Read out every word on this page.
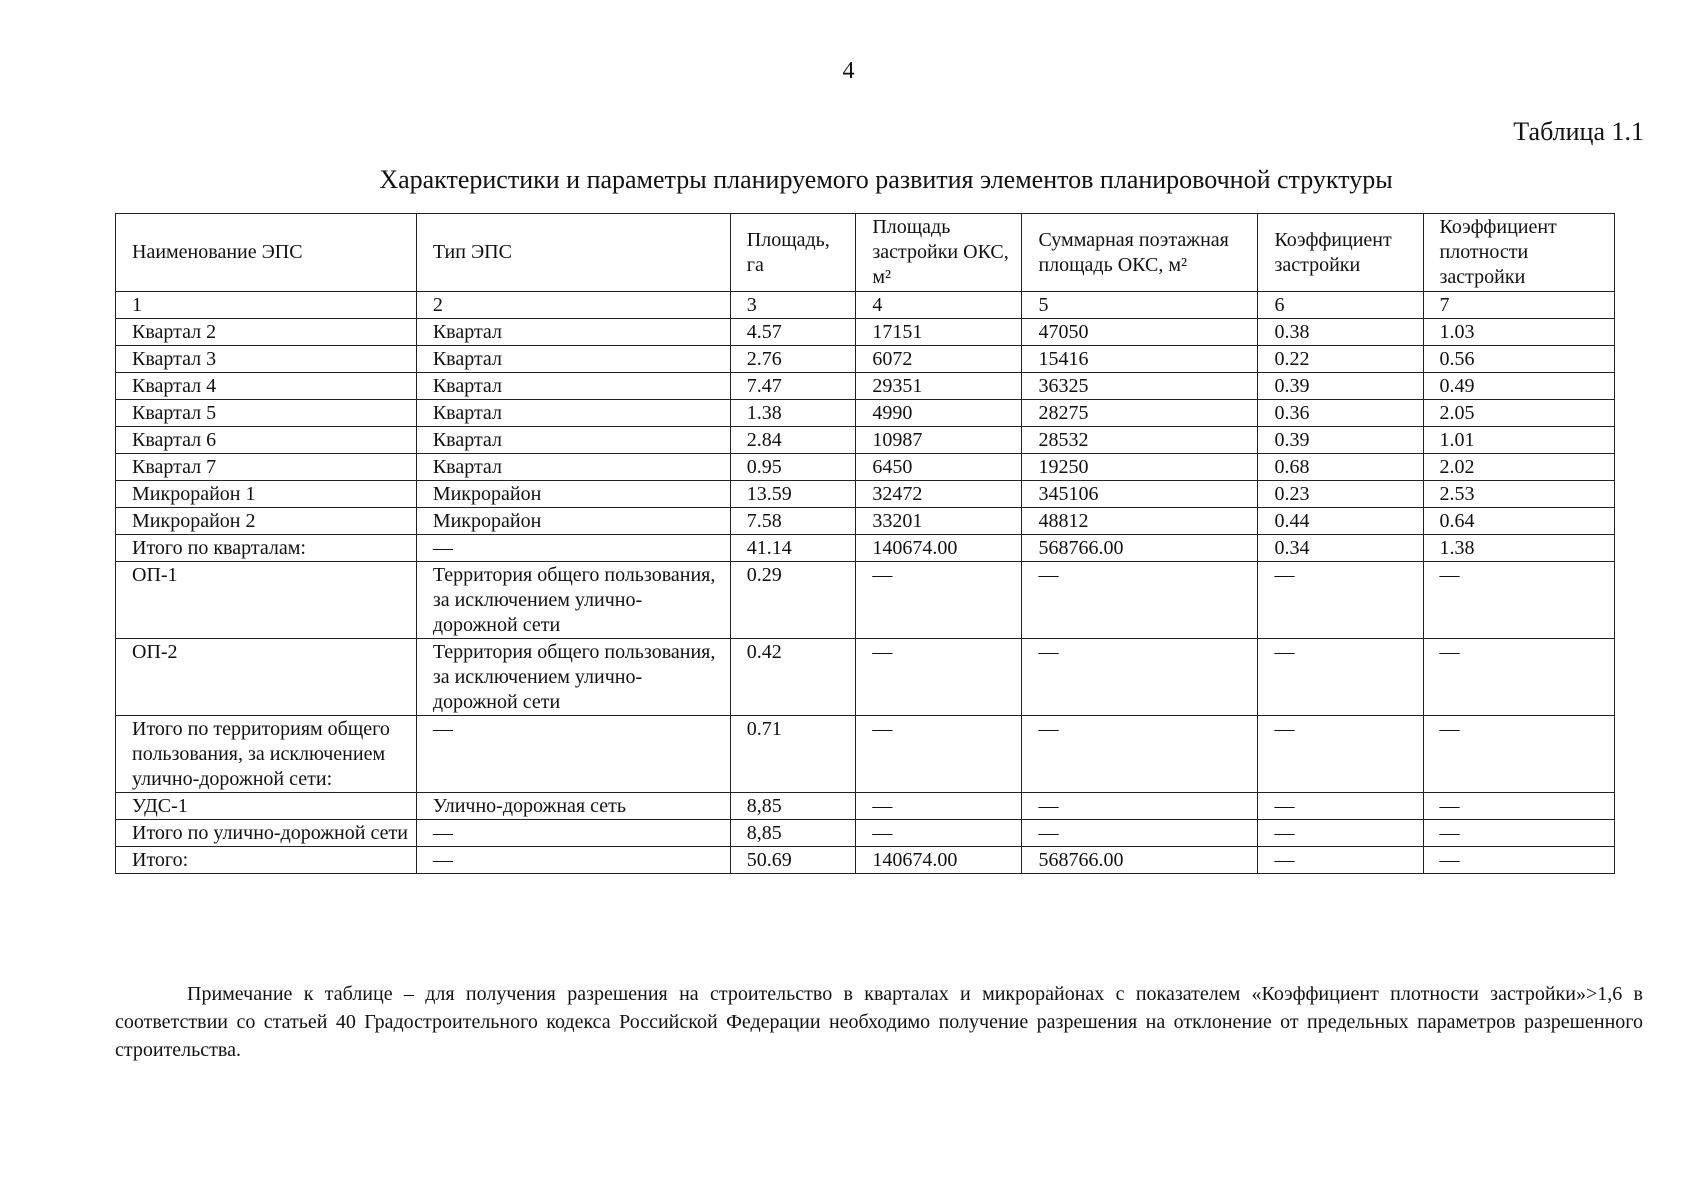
4
Таблица 1.1
Характеристики и параметры планируемого развития элементов планировочной структуры
Наименование ЭПС	Тип ЭПС	Площадь, га	Площадь застройки ОКС, м²	Суммарная поэтажная площадь ОКС, м²	Коэффициент застройки	Коэффициент плотности застройки
1	2	3	4	5	6	7
Квартал 2	Квартал	4.57	17151	47050	0.38	1.03
Квартал 3	Квартал	2.76	6072	15416	0.22	0.56
Квартал 4	Квартал	7.47	29351	36325	0.39	0.49
Квартал 5	Квартал	1.38	4990	28275	0.36	2.05
Квартал 6	Квартал	2.84	10987	28532	0.39	1.01
Квартал 7	Квартал	0.95	6450	19250	0.68	2.02
Микрорайон 1	Микрорайон	13.59	32472	345106	0.23	2.53
Микрорайон 2	Микрорайон	7.58	33201	48812	0.44	0.64
Итого по кварталам:	—	41.14	140674.00	568766.00	0.34	1.38
ОП-1	Территория общего пользования, за исключением улично-дорожной сети	0.29	—	—	—	—
ОП-2	Территория общего пользования, за исключением улично-дорожной сети	0.42	—	—	—	—
Итого по территориям общего пользования, за исключением улично-дорожной сети:	—	0.71	—	—	—	—
УДС-1	Улично-дорожная сеть	8,85	—	—	—	—
Итого по улично-дорожной сети	—	8,85	—	—	—	—
Итого:	—	50.69	140674.00	568766.00	—	—
Примечание к таблице – для получения разрешения на строительство в кварталах и микрорайонах с показателем «Коэффициент плотности застройки»>1,6 в соответствии со статьей 40 Градостроительного кодекса Российской Федерации необходимо получение разрешения на отклонение от предельных параметров разрешенного строительства.
